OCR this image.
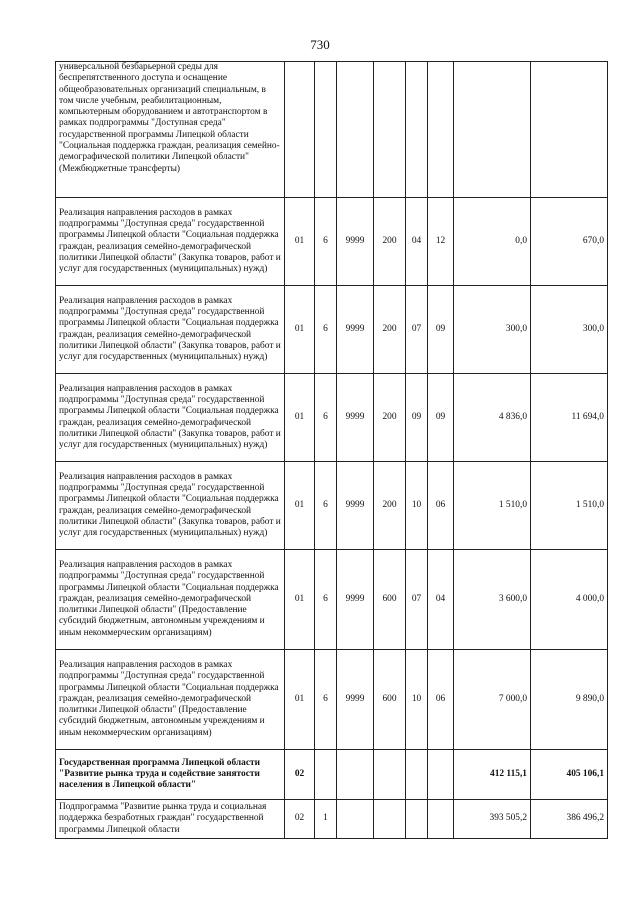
730
универсальной безбарьерной среды для беспрепятственного доступа и оснащение общеобразовательных организаций специальным, в том числе учебным, реабилитационным, компьютерным оборудованием и автотранспортом в рамках подпрограммы "Доступная среда" государственной программы Липецкой области "Социальная поддержка граждан, реализация семейно-демографической политики Липецкой области" (Межбюджетные трансферты)								
Реализация направления расходов в рамках подпрограммы "Доступная среда" государственной программы Липецкой области "Социальная поддержка граждан, реализация семейно-демографической политики Липецкой области" (Закупка товаров, работ и услуг для государственных (муниципальных) нужд)	01	6	9999	200	04	12	0,0	670,0
Реализация направления расходов в рамках подпрограммы "Доступная среда" государственной программы Липецкой области "Социальная поддержка граждан, реализация семейно-демографической политики Липецкой области" (Закупка товаров, работ и услуг для государственных (муниципальных) нужд)	01	6	9999	200	07	09	300,0	300,0
Реализация направления расходов в рамках подпрограммы "Доступная среда" государственной программы Липецкой области "Социальная поддержка граждан, реализация семейно-демографической политики Липецкой области" (Закупка товаров, работ и услуг для государственных (муниципальных) нужд)	01	6	9999	200	09	09	4 836,0	11 694,0
Реализация направления расходов в рамках подпрограммы "Доступная среда" государственной программы Липецкой области "Социальная поддержка граждан, реализация семейно-демографической политики Липецкой области" (Закупка товаров, работ и услуг для государственных (муниципальных) нужд)	01	6	9999	200	10	06	1 510,0	1 510,0
Реализация направления расходов в рамках подпрограммы "Доступная среда" государственной программы Липецкой области "Социальная поддержка граждан, реализация семейно-демографической политики Липецкой области" (Предоставление субсидий бюджетным, автономным учреждениям и иным некоммерческим организациям)	01	6	9999	600	07	04	3 600,0	4 000,0
Реализация направления расходов в рамках подпрограммы "Доступная среда" государственной программы Липецкой области "Социальная поддержка граждан, реализация семейно-демографической политики Липецкой области" (Предоставление субсидий бюджетным, автономным учреждениям и иным некоммерческим организациям)	01	6	9999	600	10	06	7 000,0	9 890,0
Государственная программа Липецкой области "Развитие рынка труда и содействие занятости населения в Липецкой области"	02						412 115,1	405 106,1
Подпрограмма "Развитие рынка труда и социальная поддержка безработных граждан" государственной программы Липецкой области	02	1					393 505,2	386 496,2
